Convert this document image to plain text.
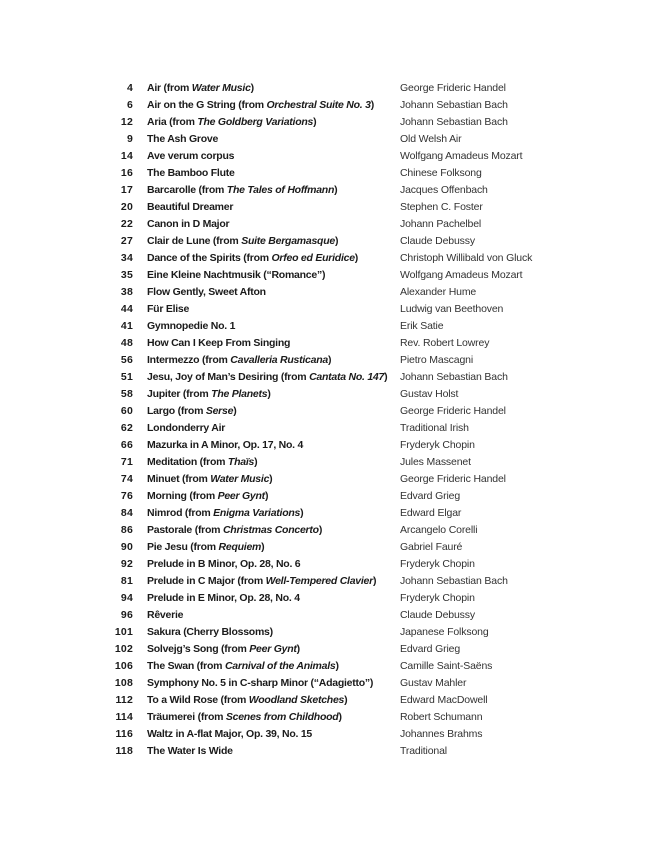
4 Air (from Water Music)	George Frideric Handel
6 Air on the G String (from Orchestral Suite No. 3)	Johann Sebastian Bach
12 Aria (from The Goldberg Variations)	Johann Sebastian Bach
9 The Ash Grove	Old Welsh Air
14 Ave verum corpus	Wolfgang Amadeus Mozart
16 The Bamboo Flute	Chinese Folksong
17 Barcarolle (from The Tales of Hoffmann)	Jacques Offenbach
20 Beautiful Dreamer	Stephen C. Foster
22 Canon in D Major	Johann Pachelbel
27 Clair de Lune (from Suite Bergamasque)	Claude Debussy
34 Dance of the Spirits (from Orfeo ed Euridice)	Christoph Willibald von Gluck
35 Eine Kleine Nachtmusik (“Romance”)	Wolfgang Amadeus Mozart
38 Flow Gently, Sweet Afton	Alexander Hume
44 Für Elise	Ludwig van Beethoven
41 Gymnopedie No. 1	Erik Satie
48 How Can I Keep From Singing	Rev. Robert Lowrey
56 Intermezzo (from Cavalleria Rusticana)	Pietro Mascagni
51 Jesu, Joy of Man’s Desiring (from Cantata No. 147)	Johann Sebastian Bach
58 Jupiter (from The Planets)	Gustav Holst
60 Largo (from Serse)	George Frideric Handel
62 Londonderry Air	Traditional Irish
66 Mazurka in A Minor, Op. 17, No. 4	Fryderyk Chopin
71 Meditation (from Thaïs)	Jules Massenet
74 Minuet (from Water Music)	George Frideric Handel
76 Morning (from Peer Gynt)	Edvard Grieg
84 Nimrod (from Enigma Variations)	Edward Elgar
86 Pastorale (from Christmas Concerto)	Arcangelo Corelli
90 Pie Jesu (from Requiem)	Gabriel Fauré
92 Prelude in B Minor, Op. 28, No. 6	Fryderyk Chopin
81 Prelude in C Major (from Well-Tempered Clavier)	Johann Sebastian Bach
94 Prelude in E Minor, Op. 28, No. 4	Fryderyk Chopin
96 Rêverie	Claude Debussy
101 Sakura (Cherry Blossoms)	Japanese Folksong
102 Solvejg’s Song (from Peer Gynt)	Edvard Grieg
106 The Swan (from Carnival of the Animals)	Camille Saint-Saëns
108 Symphony No. 5 in C-sharp Minor (“Adagietto”)	Gustav Mahler
112 To a Wild Rose (from Woodland Sketches)	Edward MacDowell
114 Träumerei (from Scenes from Childhood)	Robert Schumann
116 Waltz in A-flat Major, Op. 39, No. 15	Johannes Brahms
118 The Water Is Wide	Traditional
